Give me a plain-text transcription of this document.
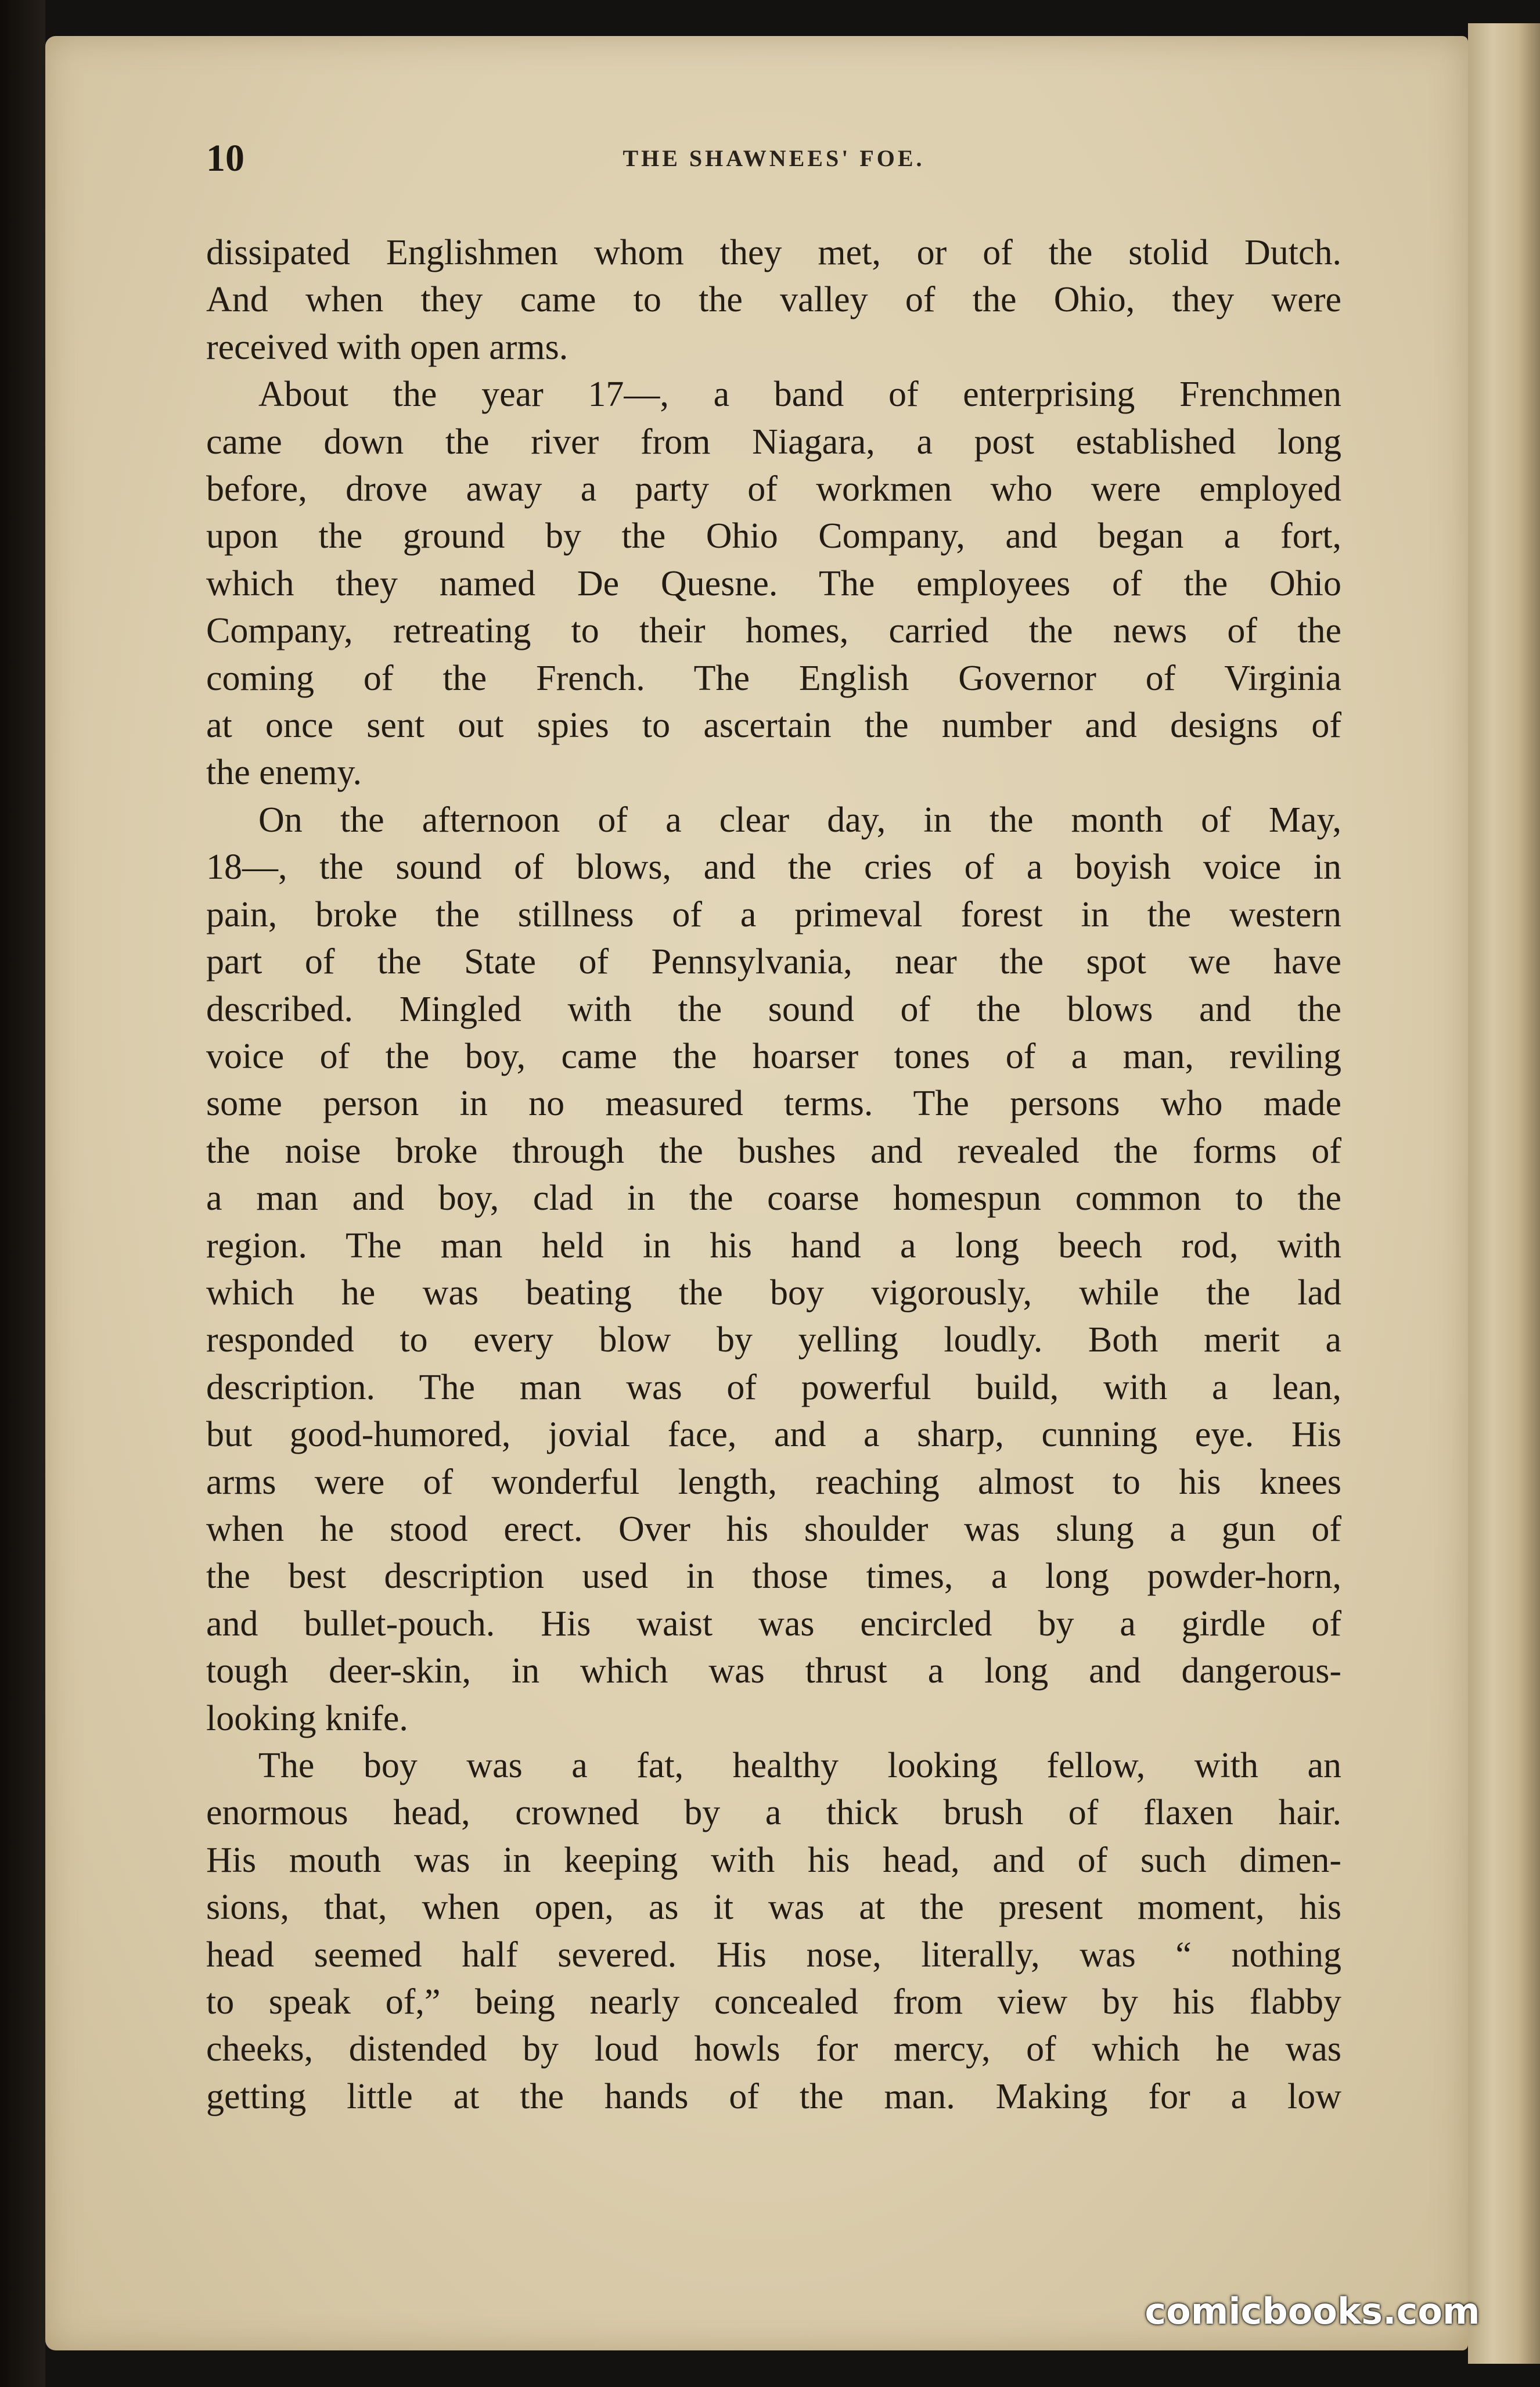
10	THE SHAWNEES' FOE.
dissipated Englishmen whom they met, or of the stolid Dutch.
And when they came to the valley of the Ohio, they were
received with open arms.
About the year 17—, a band of enterprising Frenchmen
came down the river from Niagara, a post established long
before, drove away a party of workmen who were employed
upon the ground by the Ohio Company, and began a fort,
which they named De Quesne. The employees of the Ohio
Company, retreating to their homes, carried the news of the
coming of the French. The English Governor of Virginia
at once sent out spies to ascertain the number and designs of
the enemy.
On the afternoon of a clear day, in the month of May,
18—, the sound of blows, and the cries of a boyish voice in
pain, broke the stillness of a primeval forest in the western
part of the State of Pennsylvania, near the spot we have
described. Mingled with the sound of the blows and the
voice of the boy, came the hoarser tones of a man, reviling
some person in no measured terms. The persons who made
the noise broke through the bushes and revealed the forms of
a man and boy, clad in the coarse homespun common to the
region. The man held in his hand a long beech rod, with
which he was beating the boy vigorously, while the lad
responded to every blow by yelling loudly. Both merit a
description. The man was of powerful build, with a lean,
but good-humored, jovial face, and a sharp, cunning eye. His
arms were of wonderful length, reaching almost to his knees
when he stood erect. Over his shoulder was slung a gun of
the best description used in those times, a long powder-horn,
and bullet-pouch. His waist was encircled by a girdle of
tough deer-skin, in which was thrust a long and dangerous-
looking knife.
The boy was a fat, healthy looking fellow, with an
enormous head, crowned by a thick brush of flaxen hair.
His mouth was in keeping with his head, and of such dimen-
sions, that, when open, as it was at the present moment, his
head seemed half severed. His nose, literally, was “ nothing
to speak of,” being nearly concealed from view by his flabby
cheeks, distended by loud howls for mercy, of which he was
getting little at the hands of the man. Making for a low
comicbooks.com
